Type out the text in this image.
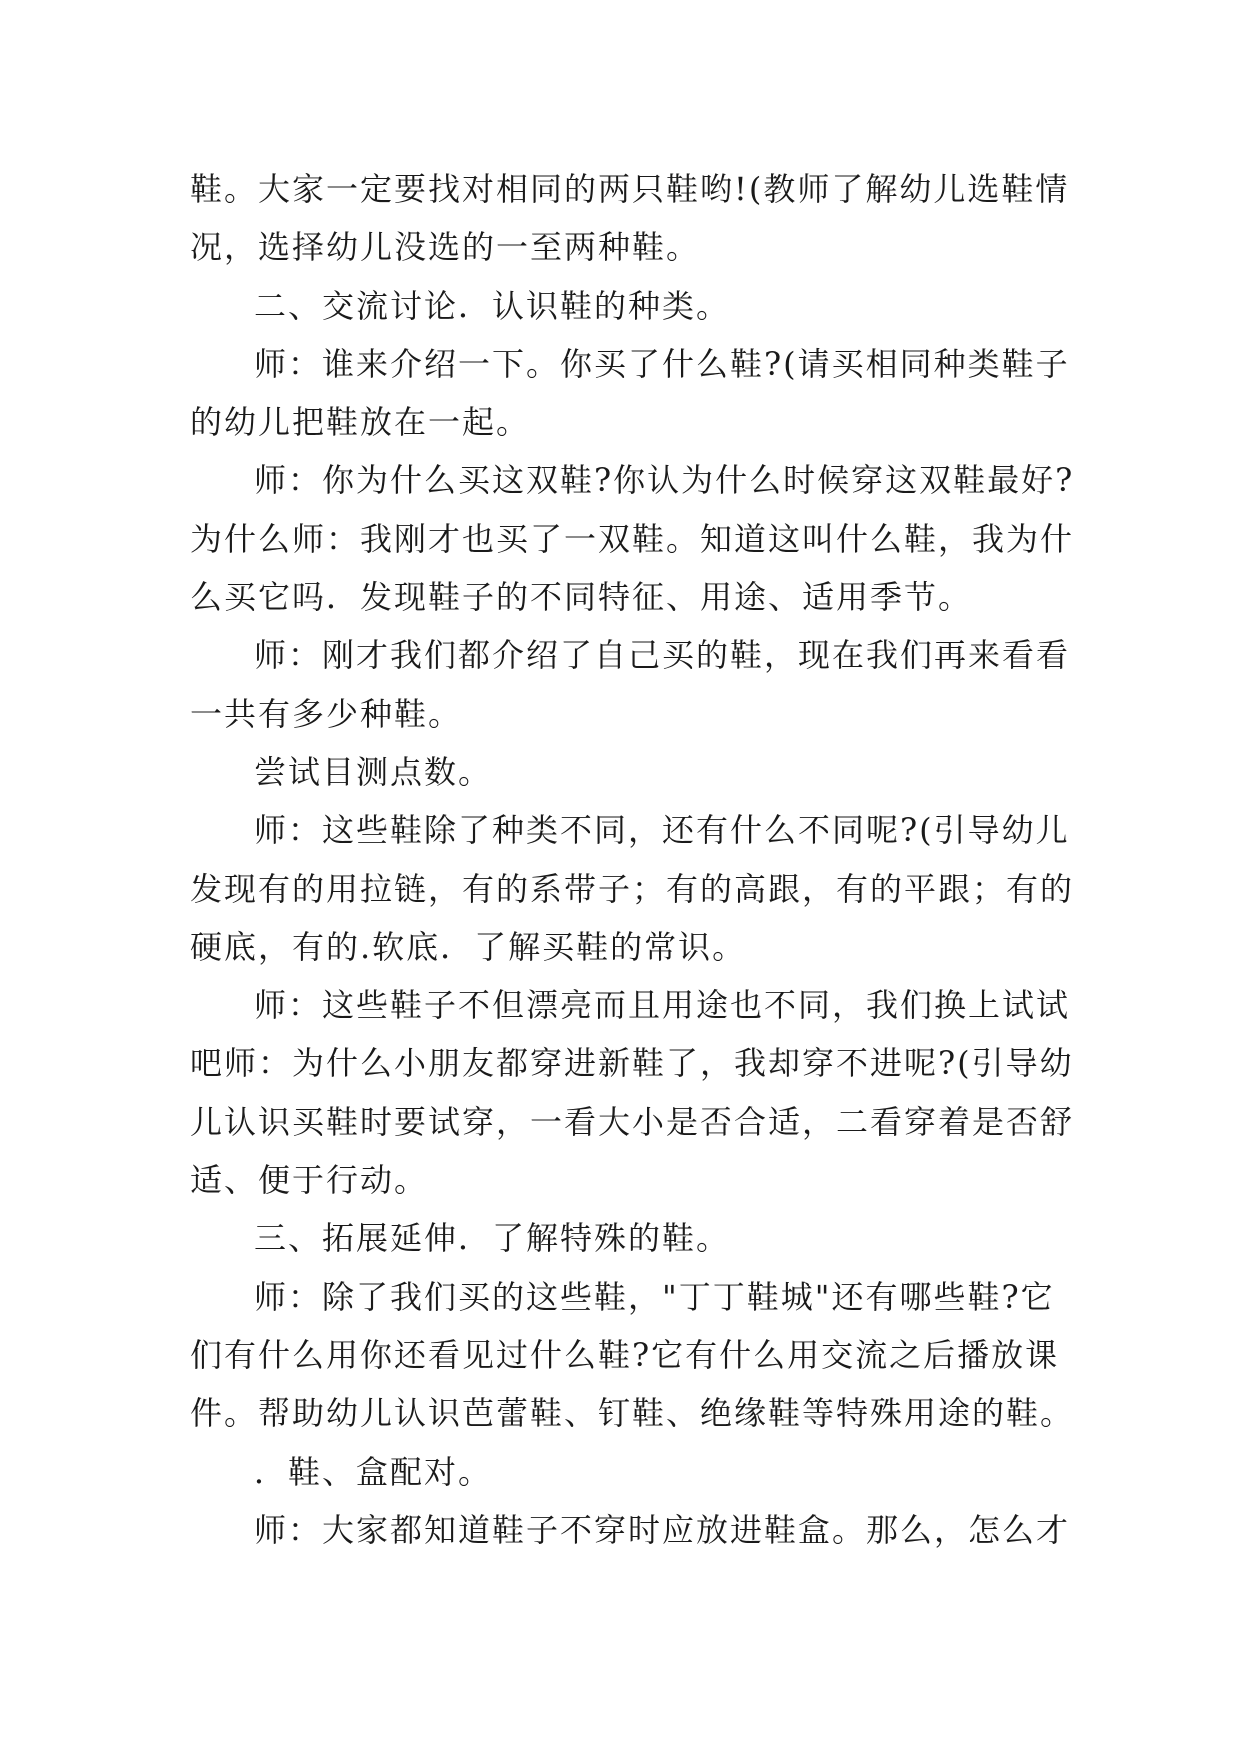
鞋。大家一定要找对相同的两只鞋哟!(教师了解幼儿选鞋情
况，选择幼儿没选的一至两种鞋。
二、交流讨论．认识鞋的种类。
师：谁来介绍一下。你买了什么鞋?(请买相同种类鞋子
的幼儿把鞋放在一起。
师：你为什么买这双鞋?你认为什么时候穿这双鞋最好?
为什么师：我刚才也买了一双鞋。知道这叫什么鞋，我为什
么买它吗．发现鞋子的不同特征、用途、适用季节。
师：刚才我们都介绍了自己买的鞋，现在我们再来看看
一共有多少种鞋。
尝试目测点数。
师：这些鞋除了种类不同，还有什么不同呢?(引导幼儿
发现有的用拉链，有的系带子；有的高跟，有的平跟；有的
硬底，有的.软底．了解买鞋的常识。
师：这些鞋子不但漂亮而且用途也不同，我们换上试试
吧师：为什么小朋友都穿进新鞋了，我却穿不进呢?(引导幼
儿认识买鞋时要试穿，一看大小是否合适，二看穿着是否舒
适、便于行动。
三、拓展延伸．了解特殊的鞋。
师：除了我们买的这些鞋，"丁丁鞋城"还有哪些鞋?它
们有什么用你还看见过什么鞋?它有什么用交流之后播放课
件。帮助幼儿认识芭蕾鞋、钉鞋、绝缘鞋等特殊用途的鞋。
．鞋、盒配对。
师：大家都知道鞋子不穿时应放进鞋盒。那么，怎么才
